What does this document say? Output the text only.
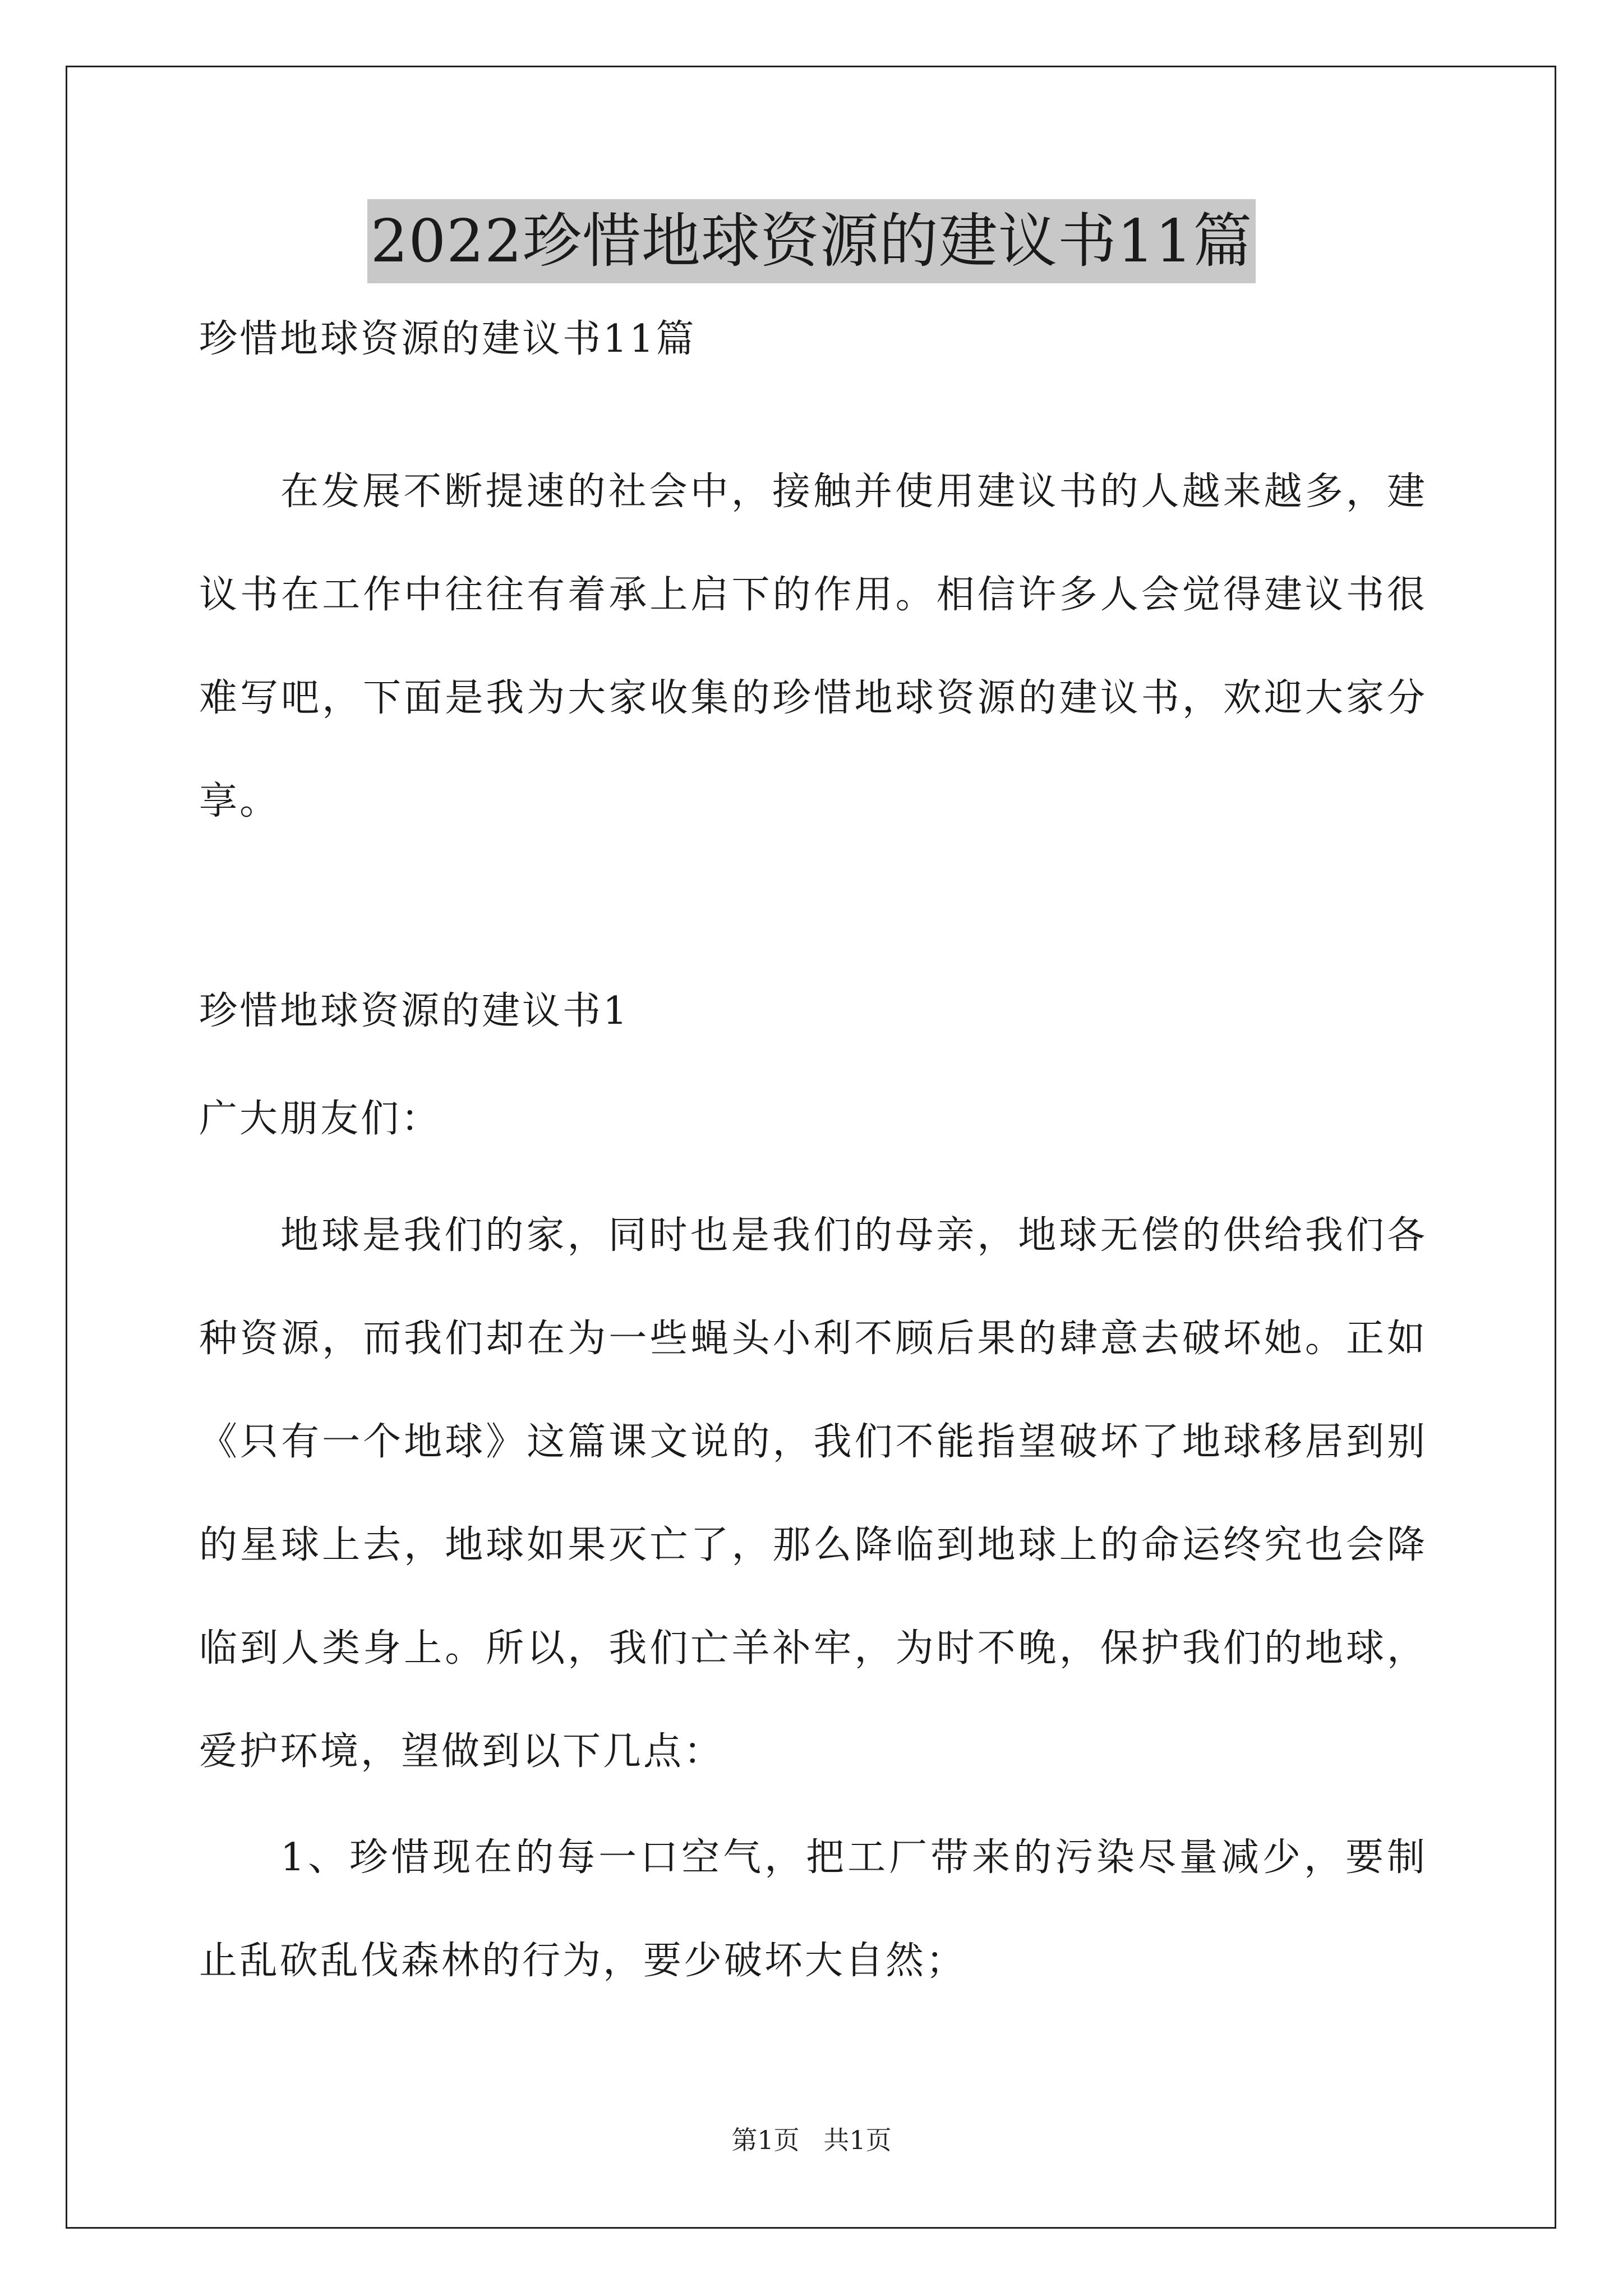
2022珍惜地球资源的建议书11篇

珍惜地球资源的建议书11篇

在发展不断提速的社会中，接触并使用建议书的人越来越多，建议书在工作中往往有着承上启下的作用。相信许多人会觉得建议书很难写吧，下面是我为大家收集的珍惜地球资源的建议书，欢迎大家分享。

珍惜地球资源的建议书1

广大朋友们：

地球是我们的家，同时也是我们的母亲，地球无偿的供给我们各种资源，而我们却在为一些蝇头小利不顾后果的肆意去破坏她。正如《只有一个地球》这篇课文说的，我们不能指望破坏了地球移居到别的星球上去，地球如果灭亡了，那么降临到地球上的命运终究也会降临到人类身上。所以，我们亡羊补牢，为时不晚，保护我们的地球，爱护环境，望做到以下几点：

1、珍惜现在的每一口空气，把工厂带来的污染尽量减少，要制止乱砍乱伐森林的行为，要少破坏大自然；

第1页 共1页
